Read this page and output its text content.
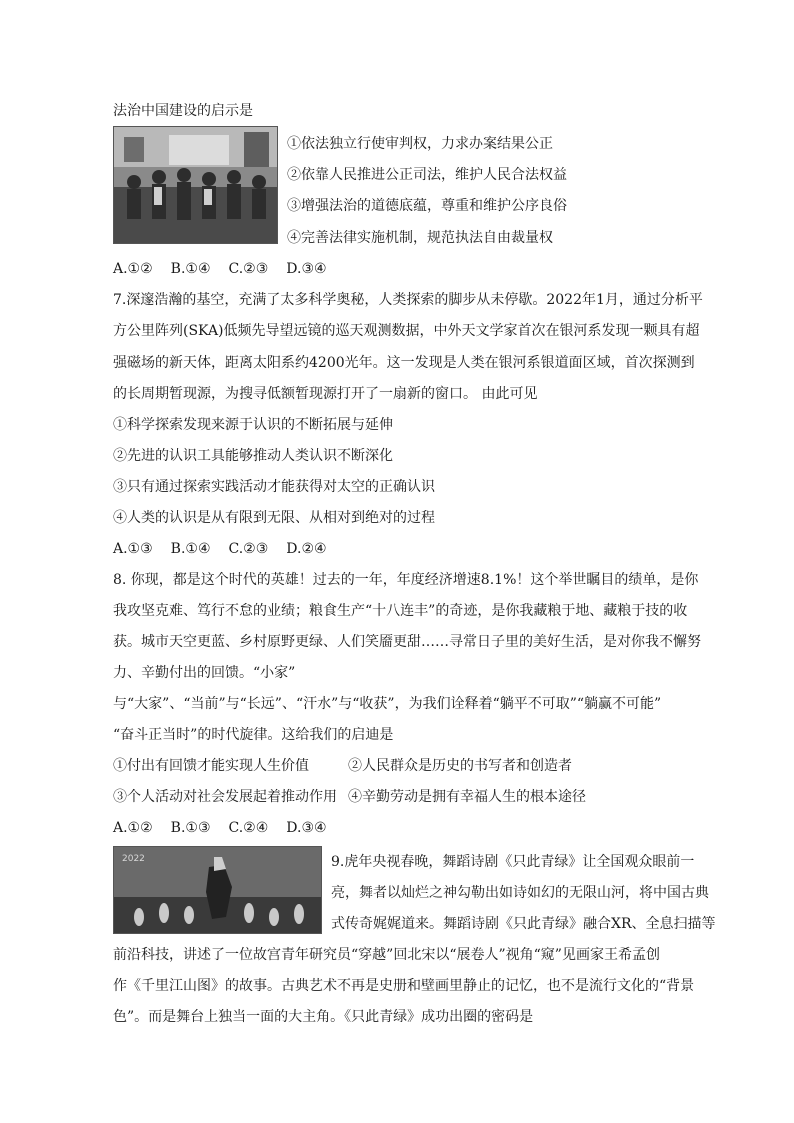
法治中国建设的启示是
①依法独立行使审判权，力求办案结果公正
②依靠人民推进公正司法，维护人民合法权益
③增强法治的道德底蕴，尊重和维护公序良俗
④完善法律实施机制，规范执法自由裁量权
A.①② B.①④ C.②③ D.③④
7.深邃浩瀚的基空，充满了太多科学奥秘，人类探索的脚步从未停歇。2022年1月，通过分析平
方公里阵列(SKA)低频先导望远镜的巡天观测数据，中外天文学家首次在银河系发现一颗具有超
强磁场的新天体，距离太阳系约4200光年。这一发现是人类在银河系银道面区域，首次探测到
的长周期暂现源，为搜寻低额暂现源打开了一扇新的窗口。 由此可见
①科学探索发现来源于认识的不断拓展与延伸
②先进的认识工具能够推动人类认识不断深化
③只有通过探索实践活动才能获得对太空的正确认识
④人类的认识是从有限到无限、从相对到绝对的过程
A.①③ B.①④ C.②③ D.②④
8. 你现，都是这个时代的英雄！过去的一年，年度经济增速8.1%！这个举世瞩目的绩单，是你
我攻坚克难、笃行不怠的业绩；粮食生产“十八连丰”的奇迹，是你我藏粮于地、藏粮于技的收
获。城市天空更蓝、乡村原野更绿、人们笑靥更甜……寻常日子里的美好生活，是对你我不懈努
力、辛勤付出的回馈。“小家”
与“大家”、“当前”与“长远”、“汗水”与“收获”，为我们诠释着“躺平不可取”“躺赢不可能”
“奋斗正当时”的时代旋律。这给我们的启迪是
①付出有回馈才能实现人生价值	②人民群众是历史的书写者和创造者
③个人活动对社会发展起着推动作用 ④辛勤劳动是拥有幸福人生的根本途径
A.①② B.①③ C.②④ D.③④
2022	9.虎年央视春晚，舞蹈诗剧《只此青绿》让全国观众眼前一
亮，舞者以灿烂之神勾勒出如诗如幻的无限山河，将中国古典
式传奇娓娓道来。舞蹈诗剧《只此青绿》融合XR、全息扫描等
前沿科技，讲述了一位故宫青年研究员“穿越”回北宋以“展卷人”视角“窥”见画家王希孟创
作《千里江山图》的故事。古典艺术不再是史册和壁画里静止的记忆，也不是流行文化的“背景
色”。而是舞台上独当一面的大主角。《只此青绿》成功出圈的密码是
